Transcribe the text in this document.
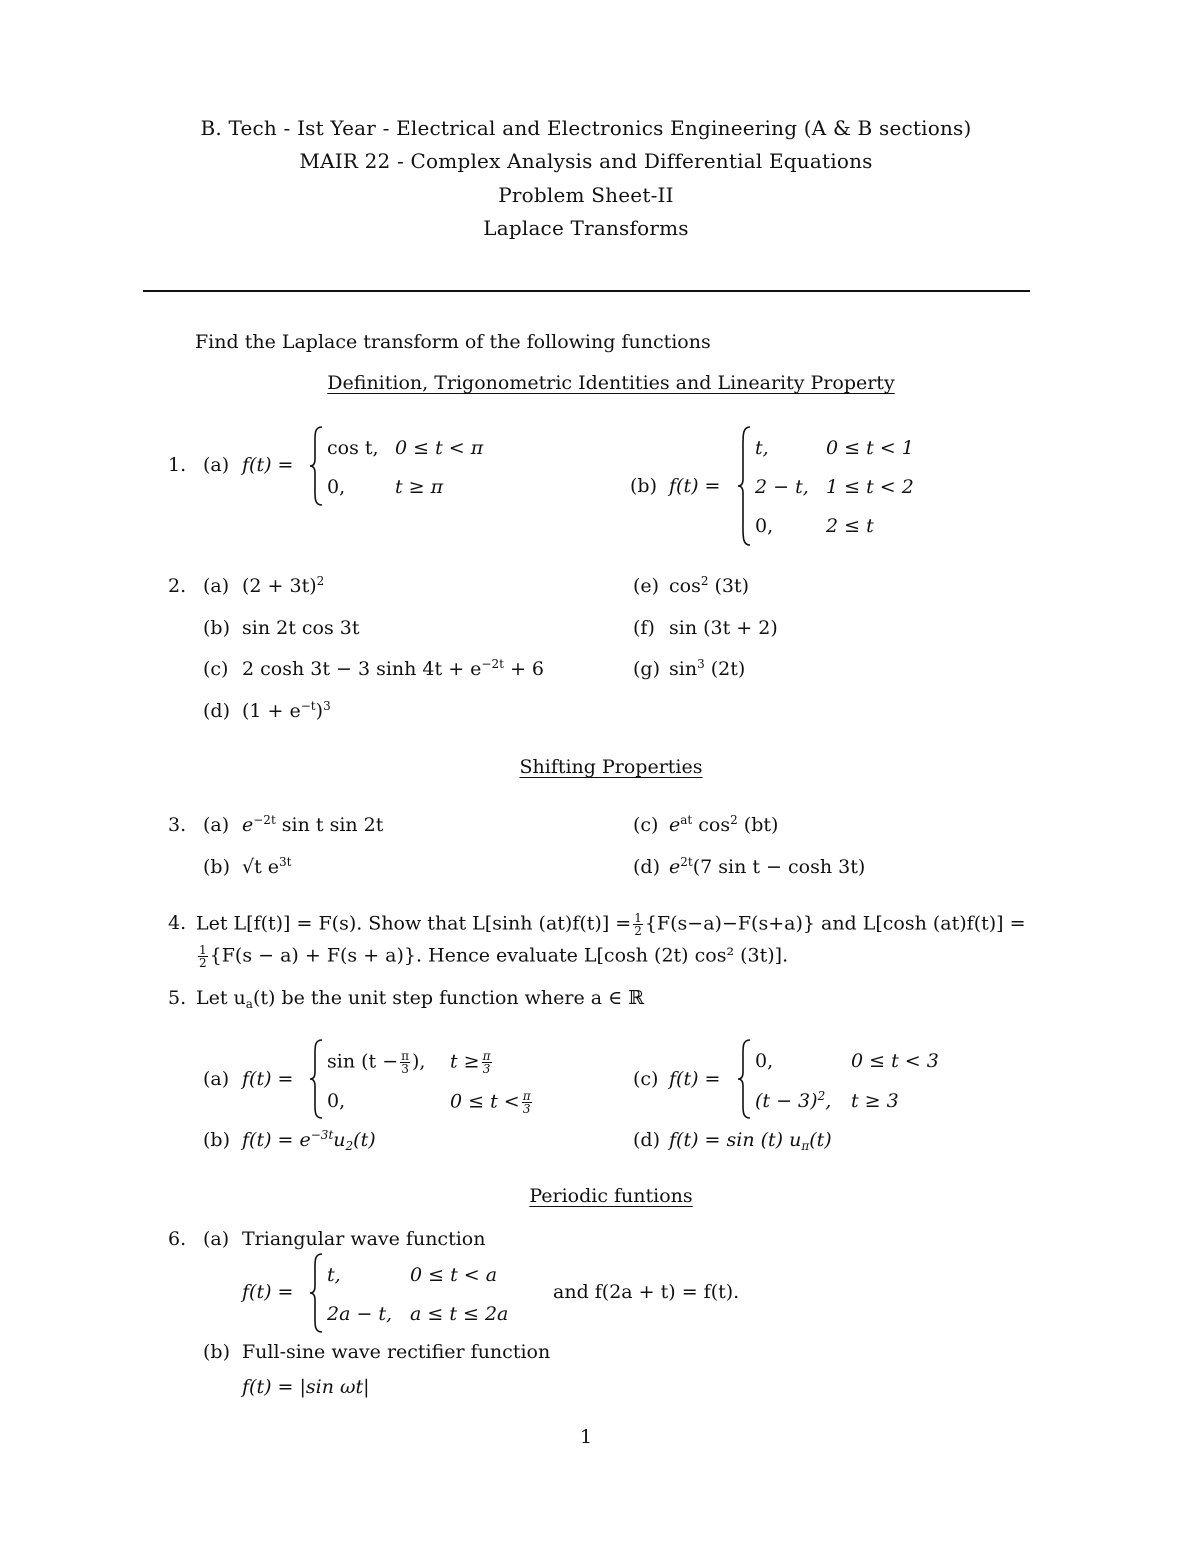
B. Tech - Ist Year - Electrical and Electronics Engineering (A & B sections)
MAIR 22 - Complex Analysis and Differential Equations
Problem Sheet-II
Laplace Transforms
Find the Laplace transform of the following functions
Definition, Trigonometric Identities and Linearity Property
1. (a) f(t) =
cos t, 0 ≤ t < π
0,	t ≥ π	(b) f(t) =
t,	0 ≤ t < 1
2 − t, 1 ≤ t < 2
0,	2 ≤ t
2. (a) $(2 + 3t)^2$
(b) sin 2t cos 3t
(c) 2 cosh 3t − 3 $\sinh 4t + e^{-2t} + 6$
(d) $(1 + e^{-t})^3$
(e) $\cos^2 (3t)$
(f) sin (3t + 2)
(g) $\sin^3 (2t)$
Shifting Properties
3. (a) $e^{-2t}$ sin t sin 2t
(b) √t $e^{3t}$
(c) $e^{at}$ $\cos^2 (bt)$
(d) $e^{2t}(7$ sin t − cosh 3t)
4. Let L[f(t)] = F(s). Show that L[sinh $(at)f(t)] = \frac{1}{2} \{F(s-a)-F(s+a)\}$ and L[cosh (at)f(t)] =
$\frac{1}{2} \{F(s - a) + F(s + a)\}$. Hence evaluate L[cosh (2t) cos² (3t)].
5. Let $u_a(t)$ be the unit step function where a ∈ ℝ
(a) f(t) =
$\sin (t - \frac{\pi}{3}$ ), $t \ge \frac{\pi}{3}$
0,	$0 \le t < \frac{\pi}{3}$
(b) $f(t) = e^{-3t}u_2(t)$
(c) f(t) =
0,	0 ≤ t < 3
$(t - 3)^2$, t ≥ 3
(d) f(t) = sin (t) $u_\pi(t)$
Periodic funtions
6. (a) Triangular wave function
f(t) =
t,	0 ≤ t < a
2a − t, a ≤ t ≤ 2a
and f(2a + t) = f(t).
(b) Full-sine wave rectifier function
f(t) = |sin ωt|
1
